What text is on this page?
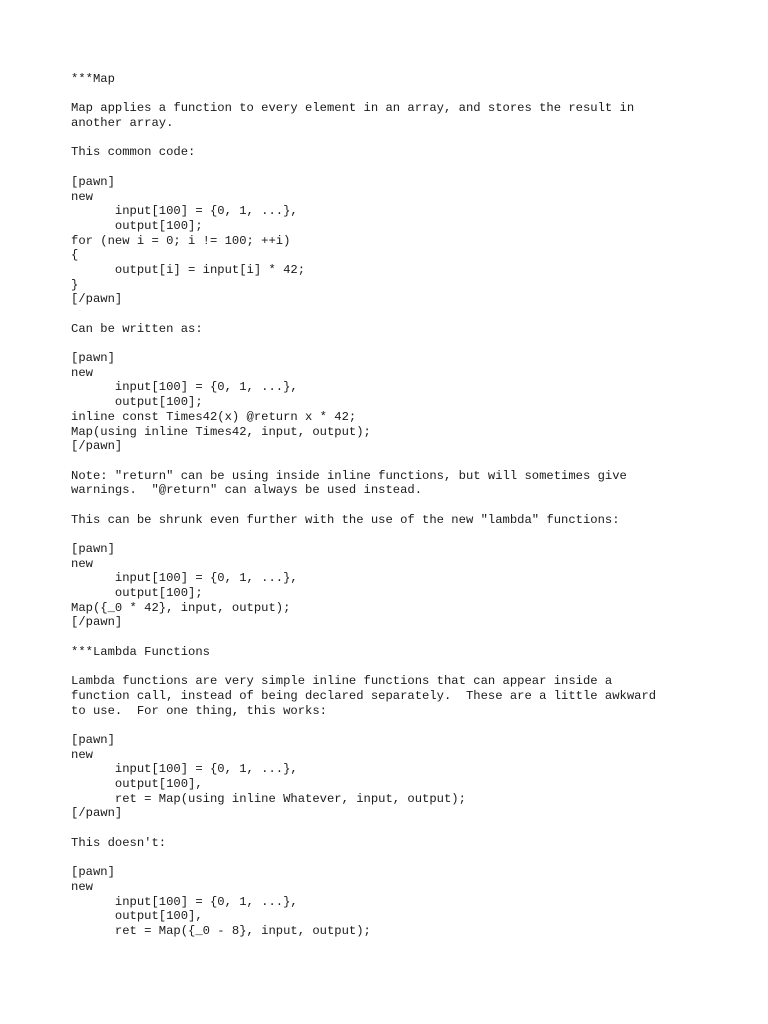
***Map
Map applies a function to every element in an array, and stores the result in
another array.
This common code:
[pawn]
new
input[100] = {0, 1, ...},
output[100];
for (new i = 0; i != 100; ++i)
{
output[i] = input[i] * 42;
}
[/pawn]
Can be written as:
[pawn]
new
input[100] = {0, 1, ...},
output[100];
inline const Times42(x) @return x * 42;
Map(using inline Times42, input, output);
[/pawn]
Note: "return" can be using inside inline functions, but will sometimes give
warnings.  "@return" can always be used instead.
This can be shrunk even further with the use of the new "lambda" functions:
[pawn]
new
input[100] = {0, 1, ...},
output[100];
Map({_0 * 42}, input, output);
[/pawn]
***Lambda Functions
Lambda functions are very simple inline functions that can appear inside a
function call, instead of being declared separately.  These are a little awkward
to use.  For one thing, this works:
[pawn]
new
input[100] = {0, 1, ...},
output[100],
ret = Map(using inline Whatever, input, output);
[/pawn]
This doesn't:
[pawn]
new
input[100] = {0, 1, ...},
output[100],
ret = Map({_0 - 8}, input, output);
